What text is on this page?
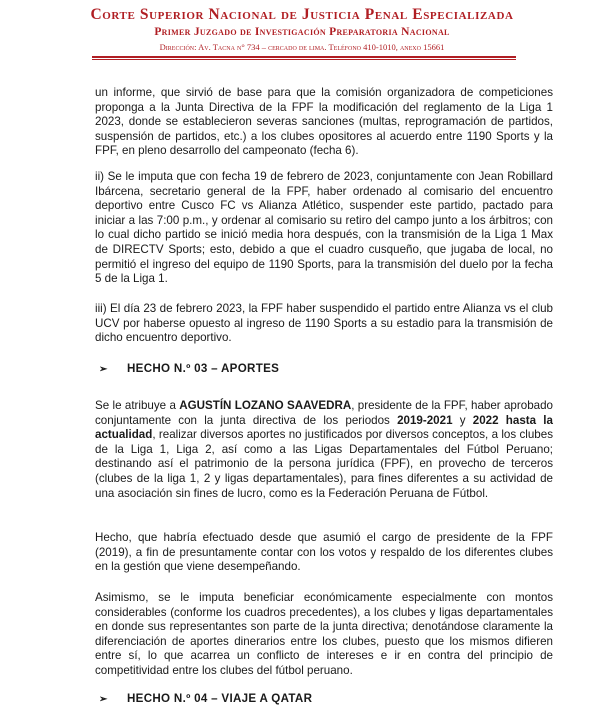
Corte Superior Nacional de Justicia Penal Especializada
Primer Juzgado de Investigación Preparatoria Nacional
Dirección: Av. Tacna n° 734 – cercado de lima. Teléfono 410-1010, anexo 15661

un informe, que sirvió de base para que la comisión organizadora de competiciones proponga a la Junta Directiva de la FPF la modificación del reglamento de la Liga 1 2023, donde se establecieron severas sanciones (multas, reprogramación de partidos, suspensión de partidos, etc.) a los clubes opositores al acuerdo entre 1190 Sports y la FPF, en pleno desarrollo del campeonato (fecha 6).

ii) Se le imputa que con fecha 19 de febrero de 2023, conjuntamente con Jean Robillard Ibárcena, secretario general de la FPF, haber ordenado al comisario del encuentro deportivo entre Cusco FC vs Alianza Atlético, suspender este partido, pactado para iniciar a las 7:00 p.m., y ordenar al comisario su retiro del campo junto a los árbitros; con lo cual dicho partido se inició media hora después, con la transmisión de la Liga 1 Max de DIRECTV Sports; esto, debido a que el cuadro cusqueño, que jugaba de local, no permitió el ingreso del equipo de 1190 Sports, para la transmisión del duelo por la fecha 5 de la Liga 1.

iii) El día 23 de febrero 2023, la FPF haber suspendido el partido entre Alianza vs el club UCV por haberse opuesto al ingreso de 1190 Sports a su estadio para la transmisión de dicho encuentro deportivo.

➢ HECHO N.º 03 – APORTES

Se le atribuye a AGUSTÍN LOZANO SAAVEDRA, presidente de la FPF, haber aprobado conjuntamente con la junta directiva de los periodos 2019-2021 y 2022 hasta la actualidad, realizar diversos aportes no justificados por diversos conceptos, a los clubes de la Liga 1, Liga 2, así como a las Ligas Departamentales del Fútbol Peruano; destinando así el patrimonio de la persona jurídica (FPF), en provecho de terceros (clubes de la liga 1, 2 y ligas departamentales), para fines diferentes a su actividad de una asociación sin fines de lucro, como es la Federación Peruana de Fútbol.

Hecho, que habría efectuado desde que asumió el cargo de presidente de la FPF (2019), a fin de presuntamente contar con los votos y respaldo de los diferentes clubes en la gestión que viene desempeñando.

Asimismo, se le imputa beneficiar económicamente especialmente con montos considerables (conforme los cuadros precedentes), a los clubes y ligas departamentales en donde sus representantes son parte de la junta directiva; denotándose claramente la diferenciación de aportes dinerarios entre los clubes, puesto que los mismos difieren entre sí, lo que acarrea un conflicto de intereses e ir en contra del principio de competitividad entre los clubes del fútbol peruano.

➢ HECHO N.º 04 – VIAJE A QATAR
